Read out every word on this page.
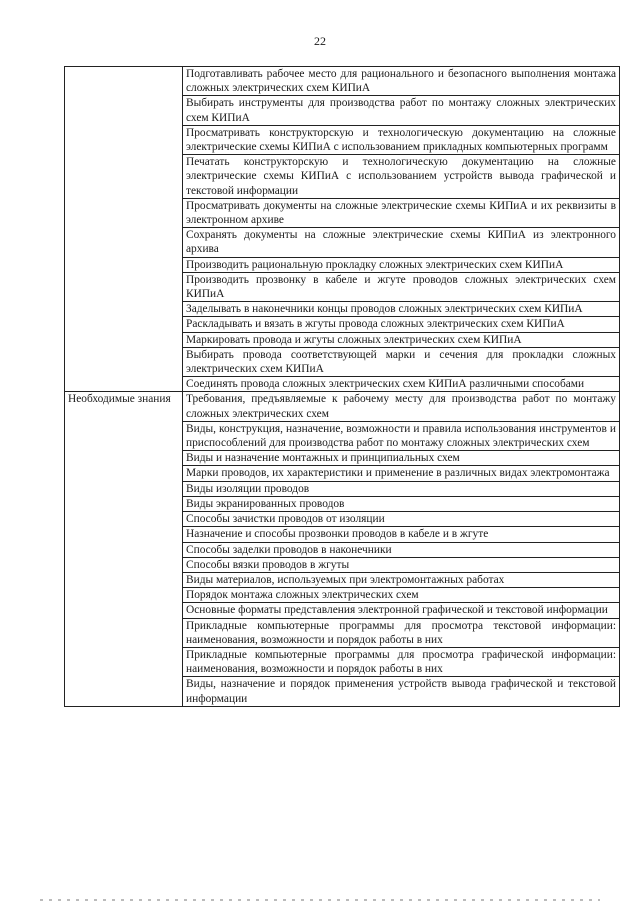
22
	Подготавливать рабочее место для рационального и безопасного выполнения монтажа сложных электрических схем КИПиА
	Выбирать инструменты для производства работ по монтажу сложных электрических схем КИПиА
	Просматривать конструкторскую и технологическую документацию на сложные электрические схемы КИПиА с использованием прикладных компьютерных программ
	Печатать конструкторскую и технологическую документацию на сложные электрические схемы КИПиА с использованием устройств вывода графической и текстовой информации
	Просматривать документы на сложные электрические схемы КИПиА и их реквизиты в электронном архиве
	Сохранять документы на сложные электрические схемы КИПиА из электронного архива
	Производить рациональную прокладку сложных электрических схем КИПиА
	Производить прозвонку в кабеле и жгуте проводов сложных электрических схем КИПиА
	Заделывать в наконечники концы проводов сложных электрических схем КИПиА
	Раскладывать и вязать в жгуты провода сложных электрических схем КИПиА
	Маркировать провода и жгуты сложных электрических схем КИПиА
	Выбирать провода соответствующей марки и сечения для прокладки сложных электрических схем КИПиА
	Соединять провода сложных электрических схем КИПиА различными способами
Необходимые знания	Требования, предъявляемые к рабочему месту для производства работ по монтажу сложных электрических схем
	Виды, конструкция, назначение, возможности и правила использования инструментов и приспособлений для производства работ по монтажу сложных электрических схем
	Виды и назначение монтажных и принципиальных схем
	Марки проводов, их характеристики и применение в различных видах электромонтажа
	Виды изоляции проводов
	Виды экранированных проводов
	Способы зачистки проводов от изоляции
	Назначение и способы прозвонки проводов в кабеле и в жгуте
	Способы заделки проводов в наконечники
	Способы вязки проводов в жгуты
	Виды материалов, используемых при электромонтажных работах
	Порядок монтажа сложных электрических схем
	Основные форматы представления электронной графической и текстовой информации
	Прикладные компьютерные программы для просмотра текстовой информации: наименования, возможности и порядок работы в них
	Прикладные компьютерные программы для просмотра графической информации: наименования, возможности и порядок работы в них
	Виды, назначение и порядок применения устройств вывода графической и текстовой информации
